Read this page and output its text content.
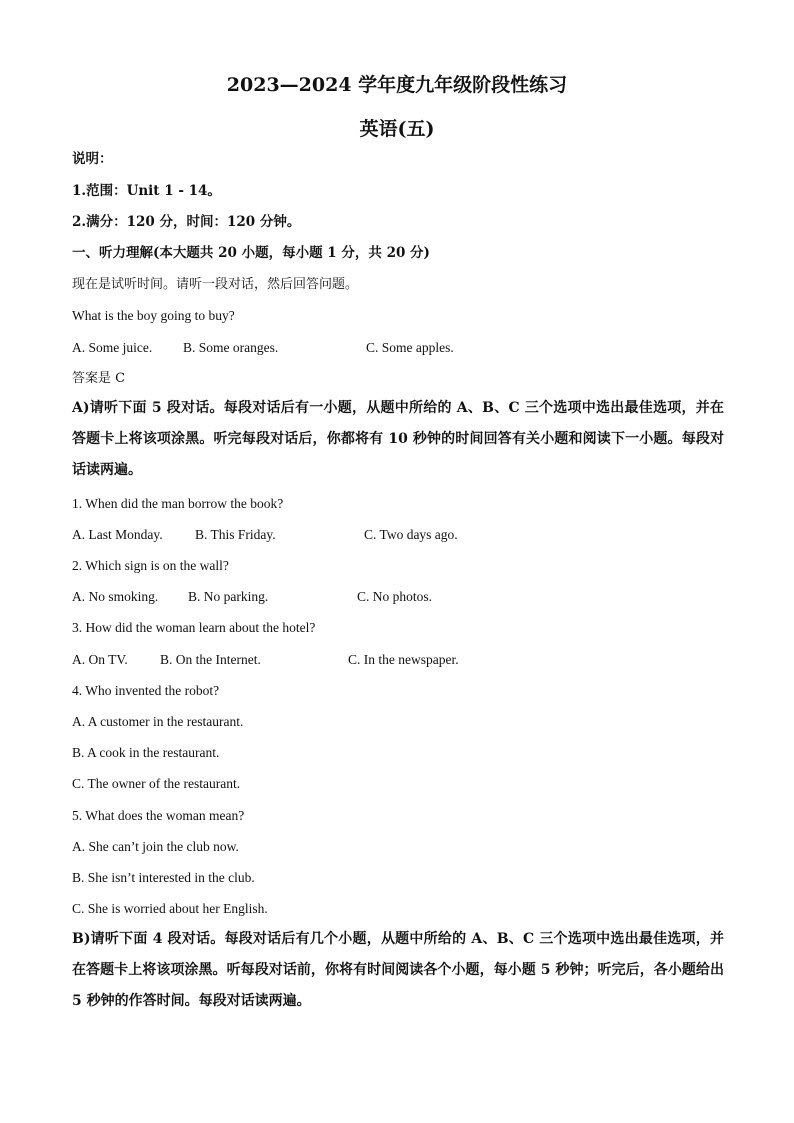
2023—2024 学年度九年级阶段性练习
英语(五)
说明：
1.范围：Unit 1 - 14。
2.满分：120 分，时间：120 分钟。
一、听力理解(本大题共 20 小题，每小题 1 分，共 20 分)
现在是试听时间。请听一段对话，然后回答问题。
What is the boy going to buy?
A. Some juice. B. Some oranges.	C. Some apples.
答案是 C
A)请听下面 5 段对话。每段对话后有一小题，从题中所给的 A、B、C 三个选项中选出最佳选项，并在答题卡上将该项涂黑。听完每段对话后，你都将有 10 秒钟的时间回答有关小题和阅读下一小题。每段对话读两遍。
1. When did the man borrow the book?
A. Last Monday. B. This Friday.	C. Two days ago.
2. Which sign is on the wall?
A. No smoking. B. No parking.	C. No photos.
3. How did the woman learn about the hotel?
A. On TV. B. On the Internet.	C. In the newspaper.
4. Who invented the robot?
A. A customer in the restaurant.
B. A cook in the restaurant.
C. The owner of the restaurant.
5. What does the woman mean?
A. She can’t join the club now.
B. She isn’t interested in the club.
C. She is worried about her English.
B)请听下面 4 段对话。每段对话后有几个小题，从题中所给的 A、B、C 三个选项中选出最佳选项，并在答题卡上将该项涂黑。听每段对话前，你将有时间阅读各个小题，每小题 5 秒钟；听完后，各小题给出 5 秒钟的作答时间。每段对话读两遍。
